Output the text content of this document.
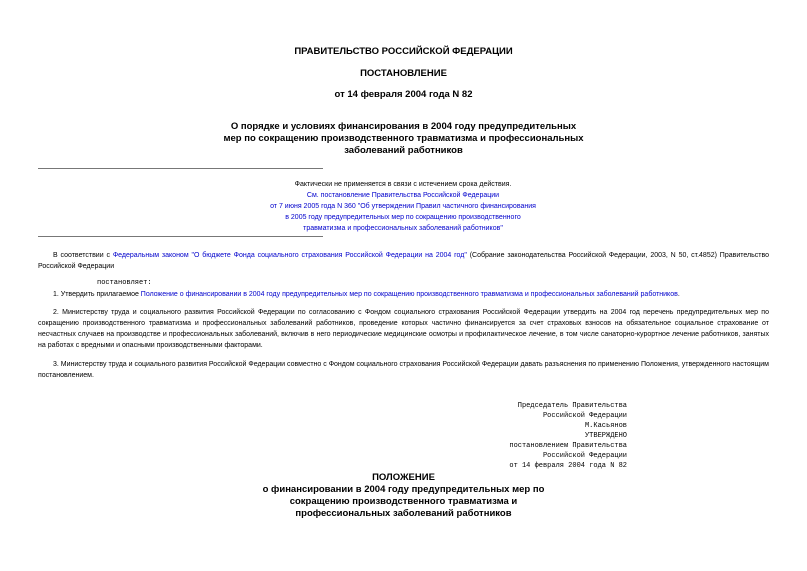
ПРАВИТЕЛЬСТВО РОССИЙСКОЙ ФЕДЕРАЦИИ
ПОСТАНОВЛЕНИЕ
от 14 февраля 2004 года N 82
О порядке и условиях финансирования в 2004 году предупредительных
мер по сокращению производственного травматизма и профессиональных
заболеваний работников
Фактически не применяется в связи с истечением срока действия.
См. постановление Правительства Российской Федерации
от 7 июня 2005 года N 360 "Об утверждении Правил частичного финансирования
в 2005 году предупредительных мер по сокращению производственного
травматизма и профессиональных заболеваний работников"
В соответствии с Федеральным законом "О бюджете Фонда социального страхования Российской Федерации на 2004 год" (Собрание законодательства Российской Федерации, 2003, N 50, ст.4852) Правительство Российской Федерации
постановляет:
1. Утвердить прилагаемое Положение о финансировании в 2004 году предупредительных мер по сокращению производственного травматизма и профессиональных заболеваний работников.
2. Министерству труда и социального развития Российской Федерации по согласованию с Фондом социального страхования Российской Федерации утвердить на 2004 год перечень предупредительных мер по сокращению производственного травматизма и профессиональных заболеваний работников, проведение которых частично финансируется за счет страховых взносов на обязательное социальное страхование от несчастных случаев на производстве и профессиональных заболеваний, включив в него периодические медицинские осмотры и профилактическое лечение, в том числе санаторно-курортное лечение работников, занятых на работах с вредными и опасными производственными факторами.
3. Министерству труда и социального развития Российской Федерации совместно с Фондом социального страхования Российской Федерации давать разъяснения по применению Положения, утвержденного настоящим постановлением.
Председатель Правительства
Российской Федерации
М.Касьянов
УТВЕРЖДЕНО
постановлением Правительства
Российской Федерации
от 14 февраля 2004 года N 82
ПОЛОЖЕНИЕ
о финансировании в 2004 году предупредительных мер по
сокращению производственного травматизма и
профессиональных заболеваний работников
